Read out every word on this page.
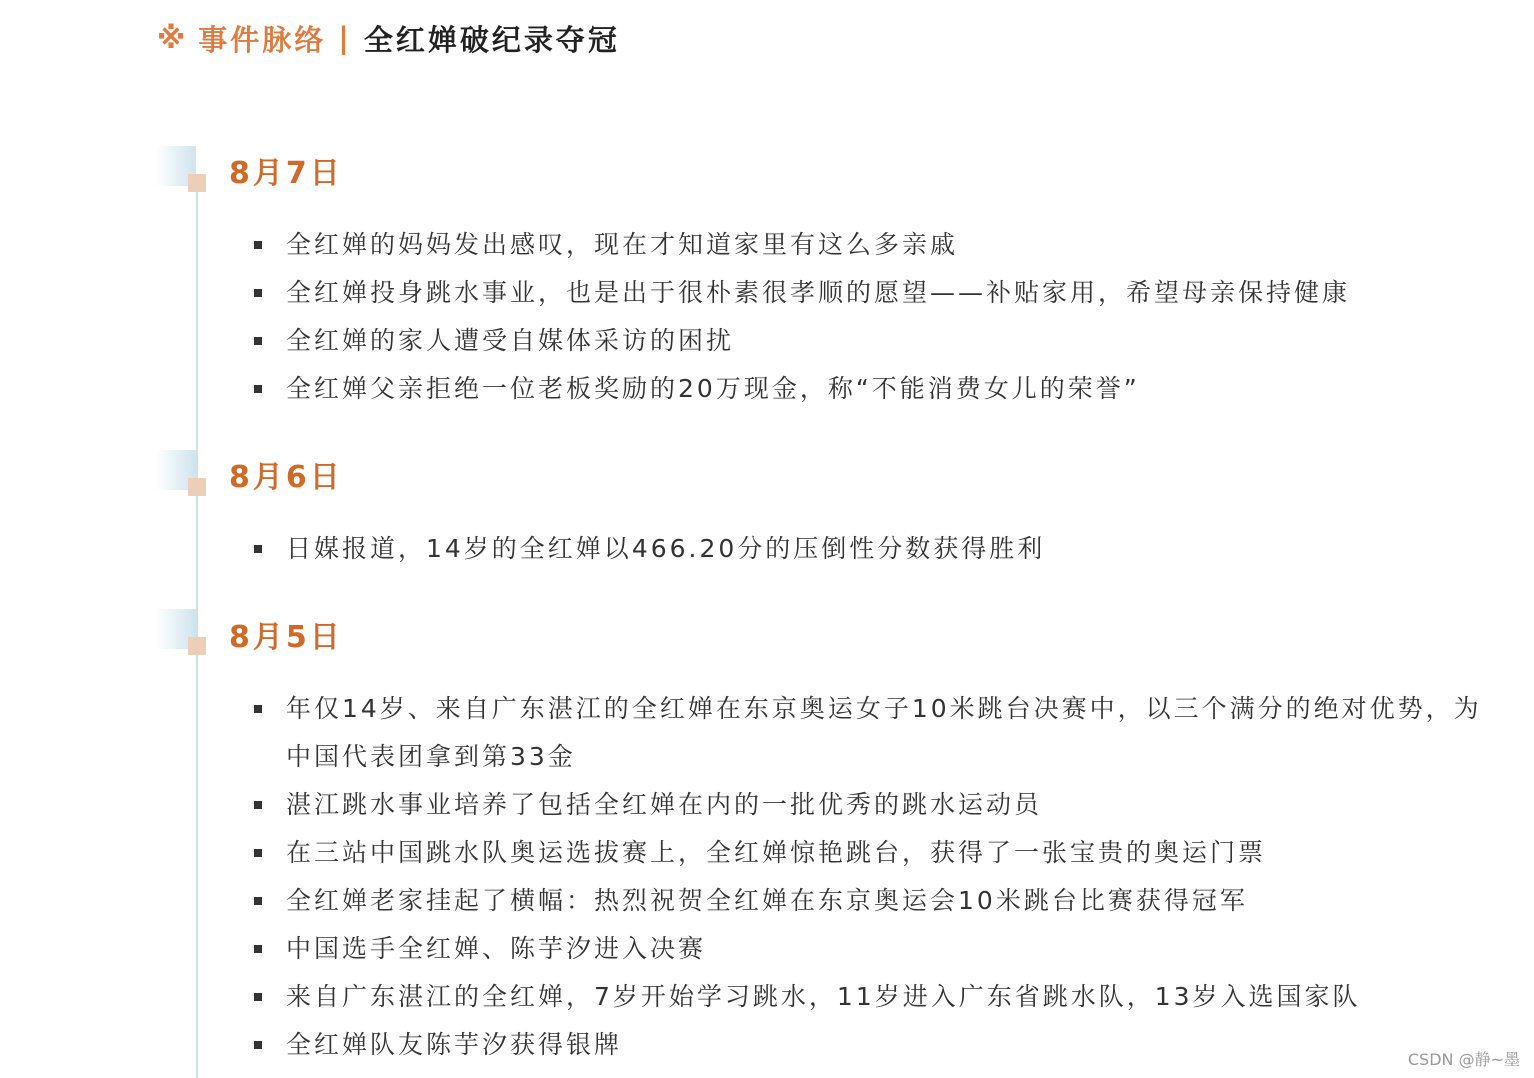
※ 事件脉络 | 全红婵破纪录夺冠
8月7日
全红婵的妈妈发出感叹，现在才知道家里有这么多亲戚
全红婵投身跳水事业，也是出于很朴素很孝顺的愿望——补贴家用，希望母亲保持健康
全红婵的家人遭受自媒体采访的困扰
全红婵父亲拒绝一位老板奖励的20万现金，称“不能消费女儿的荣誉”
8月6日
日媒报道，14岁的全红婵以466.20分的压倒性分数获得胜利
8月5日
年仅14岁、来自广东湛江的全红婵在东京奥运女子10米跳台决赛中，以三个满分的绝对优势，为中国代表团拿到第33金
湛江跳水事业培养了包括全红婵在内的一批优秀的跳水运动员
在三站中国跳水队奥运选拔赛上，全红婵惊艳跳台，获得了一张宝贵的奥运门票
全红婵老家挂起了横幅：热烈祝贺全红婵在东京奥运会10米跳台比赛获得冠军
中国选手全红婵、陈芋汐进入决赛
来自广东湛江的全红婵，7岁开始学习跳水，11岁进入广东省跳水队，13岁入选国家队
全红婵队友陈芋汐获得银牌
CSDN @静~墨
